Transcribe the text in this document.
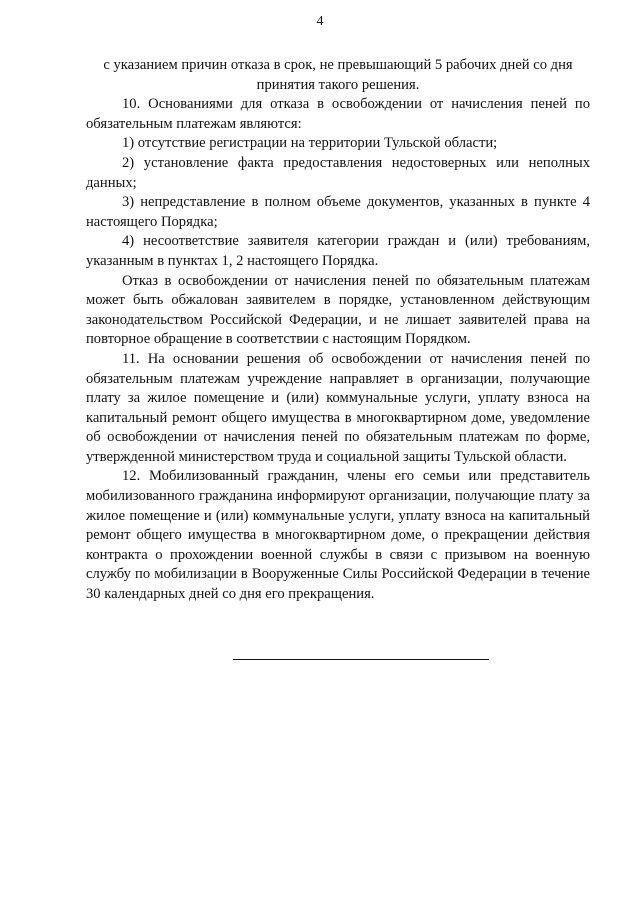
4

с указанием причин отказа в срок, не превышающий 5 рабочих дней со дня принятия такого решения.

10. Основаниями для отказа в освобождении от начисления пеней по обязательным платежам являются:

1) отсутствие регистрации на территории Тульской области;

2) установление факта предоставления недостоверных или неполных данных;

3) непредставление в полном объеме документов, указанных в пункте 4 настоящего Порядка;

4) несоответствие заявителя категории граждан и (или) требованиям, указанным в пунктах 1, 2 настоящего Порядка.

Отказ в освобождении от начисления пеней по обязательным платежам может быть обжалован заявителем в порядке, установленном действующим законодательством Российской Федерации, и не лишает заявителей права на повторное обращение в соответствии с настоящим Порядком.

11. На основании решения об освобождении от начисления пеней по обязательным платежам учреждение направляет в организации, получающие плату за жилое помещение и (или) коммунальные услуги, уплату взноса на капитальный ремонт общего имущества в многоквартирном доме, уведомление об освобождении от начисления пеней по обязательным платежам по форме, утвержденной министерством труда и социальной защиты Тульской области.

12. Мобилизованный гражданин, члены его семьи или представитель мобилизованного гражданина информируют организации, получающие плату за жилое помещение и (или) коммунальные услуги, уплату взноса на капитальный ремонт общего имущества в многоквартирном доме, о прекращении действия контракта о прохождении военной службы в связи с призывом на военную службу по мобилизации в Вооруженные Силы Российской Федерации в течение 30 календарных дней со дня его прекращения.
